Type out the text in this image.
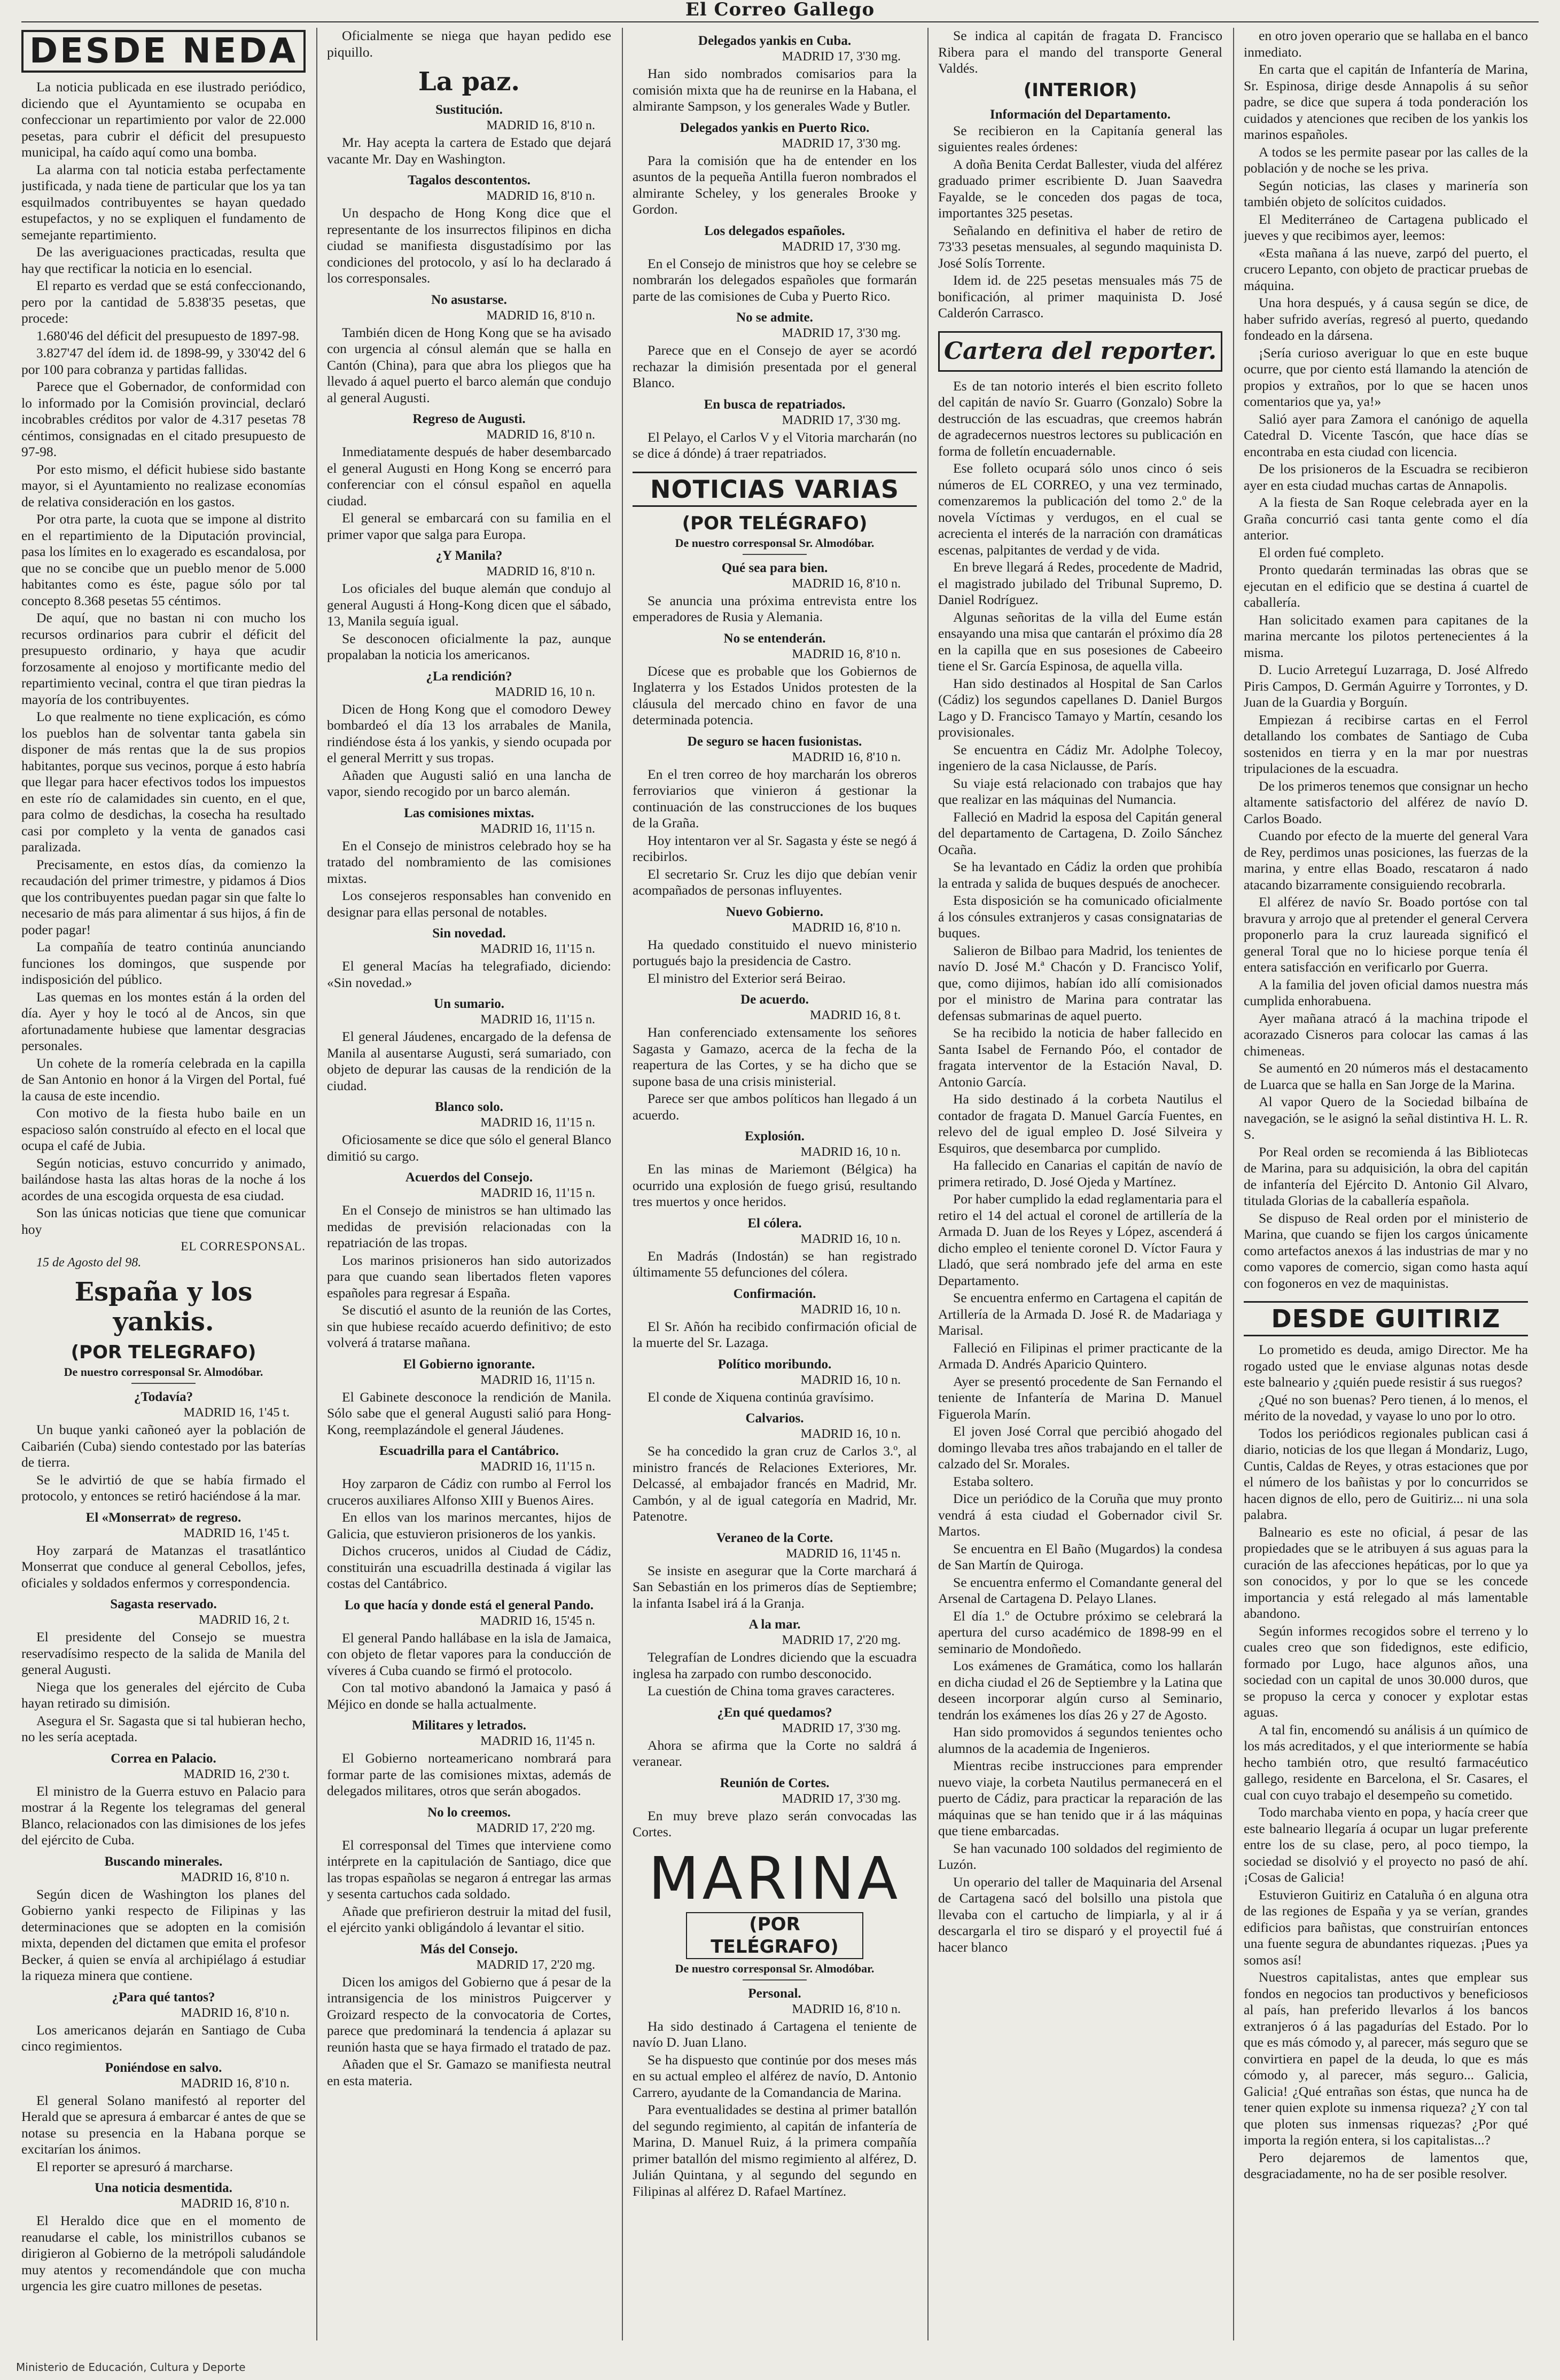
El Correo Gallego
DESDE NEDA

La noticia publicada en ese ilustrado periódico, diciendo que el Ayuntamiento se ocupaba en confeccionar un repartimiento por valor de 22.000 pesetas, para cubrir el déficit del presupuesto municipal, ha caído aquí como una bomba.

La alarma con tal noticia estaba perfectamente justificada, y nada tiene de particular que los ya tan esquilmados contribuyentes se hayan quedado estupefactos, y no se expliquen el fundamento de semejante repartimiento.

De las averiguaciones practicadas, resulta que hay que rectificar la noticia en lo esencial.

El reparto es verdad que se está confeccionando, pero por la cantidad de 5.838'35 pesetas, que procede:

1.680'46 del déficit del presupuesto de 1897-98.

3.827'47 del ídem id. de 1898-99, y 330'42 del 6 por 100 para cobranza y partidas fallidas.

Parece que el Gobernador, de conformidad con lo informado por la Comisión provincial, declaró incobrables créditos por valor de 4.317 pesetas 78 céntimos, consignadas en el citado presupuesto de 97-98.

Por esto mismo, el déficit hubiese sido bastante mayor, si el Ayuntamiento no realizase economías de relativa consideración en los gastos.

Por otra parte, la cuota que se impone al distrito en el repartimiento de la Diputación provincial, pasa los límites en lo exagerado es escandalosa, por que no se concibe que un pueblo menor de 5.000 habitantes como es éste, pague sólo por tal concepto 8.368 pesetas 55 céntimos.

De aquí, que no bastan ni con mucho los recursos ordinarios para cubrir el déficit del presupuesto ordinario, y haya que acudir forzosamente al enojoso y mortificante medio del repartimiento vecinal, contra el que tiran piedras la mayoría de los contribuyentes.

Lo que realmente no tiene explicación, es cómo los pueblos han de solventar tanta gabela sin disponer de más rentas que la de sus propios habitantes, porque sus vecinos, porque á esto habría que llegar para hacer efectivos todos los impuestos en este río de calamidades sin cuento, en el que, para colmo de desdichas, la cosecha ha resultado casi por completo y la venta de ganados casi paralizada.

Precisamente, en estos días, da comienzo la recaudación del primer trimestre, y pidamos á Dios que los contribuyentes puedan pagar sin que falte lo necesario de más para alimentar á sus hijos, á fin de poder pagar!

La compañía de teatro continúa anunciando funciones los domingos, que suspende por indisposición del público.

Las quemas en los montes están á la orden del día. Ayer y hoy le tocó al de Ancos, sin que afortunadamente hubiese que lamentar desgracias personales.

Un cohete de la romería celebrada en la capilla de San Antonio en honor á la Virgen del Portal, fué la causa de este incendio.

Con motivo de la fiesta hubo baile en un espacioso salón construído al efecto en el local que ocupa el café de Jubia.

Según noticias, estuvo concurrido y animado, bailándose hasta las altas horas de la noche á los acordes de una escogida orquesta de esa ciudad.

Son las únicas noticias que tiene que comunicar hoy

EL CORRESPONSAL.
15 de Agosto del 98.
España y los yankis.
(POR TELEGRAFO)
De nuestro corresponsal Sr. Almodóbar.
¿Todavía?
MADRID 16, 1'45 t.

Un buque yanki cañoneó ayer la población de Caibarién (Cuba) siendo contestado por las baterías de tierra.

Se le advirtió de que se había firmado el protocolo, y entonces se retiró haciéndose á la mar.

El «Monserrat» de regreso.
MADRID 16, 1'45 t.

Hoy zarpará de Matanzas el trasatlántico Monserrat que conduce al general Cebollos, jefes, oficiales y soldados enfermos y correspondencia.

Sagasta reservado.
MADRID 16, 2 t.

El presidente del Consejo se muestra reservadísimo respecto de la salida de Manila del general Augusti.

Niega que los generales del ejército de Cuba hayan retirado su dimisión.

Asegura el Sr. Sagasta que si tal hubieran hecho, no les sería aceptada.

Correa en Palacio.
MADRID 16, 2'30 t.

El ministro de la Guerra estuvo en Palacio para mostrar á la Regente los telegramas del general Blanco, relacionados con las dimisiones de los jefes del ejército de Cuba.

Buscando minerales.
MADRID 16, 8'10 n.

Según dicen de Washington los planes del Gobierno yanki respecto de Filipinas y las determinaciones que se adopten en la comisión mixta, dependen del dictamen que emita el profesor Becker, á quien se envía al archipiélago á estudiar la riqueza minera que contiene.

¿Para qué tantos?
MADRID 16, 8'10 n.

Los americanos dejarán en Santiago de Cuba cinco regimientos.

Poniéndose en salvo.
MADRID 16, 8'10 n.

El general Solano manifestó al reporter del Herald que se apresura á embarcar é antes de que se notase su presencia en la Habana porque se excitarían los ánimos.

El reporter se apresuró á marcharse.

Una noticia desmentida.
MADRID 16, 8'10 n.

El Heraldo dice que en el momento de reanudarse el cable, los ministrillos cubanos se dirigieron al Gobierno de la metrópoli saludándole muy atentos y recomendándole que con mucha urgencia les gire cuatro millones de pesetas.

Oficialmente se niega que hayan pedido ese piquillo.

La paz.
Sustitución.
MADRID 16, 8'10 n.

Mr. Hay acepta la cartera de Estado que dejará vacante Mr. Day en Washington.

Tagalos descontentos.
MADRID 16, 8'10 n.

Un despacho de Hong Kong dice que el representante de los insurrectos filipinos en dicha ciudad se manifiesta disgustadísimo por las condiciones del protocolo, y así lo ha declarado á los corresponsales.

No asustarse.
MADRID 16, 8'10 n.

También dicen de Hong Kong que se ha avisado con urgencia al cónsul alemán que se halla en Cantón (China), para que abra los pliegos que ha llevado á aquel puerto el barco alemán que condujo al general Augusti.

Regreso de Augusti.
MADRID 16, 8'10 n.

Inmediatamente después de haber desembarcado el general Augusti en Hong Kong se encerró para conferenciar con el cónsul español en aquella ciudad.

El general se embarcará con su familia en el primer vapor que salga para Europa.

¿Y Manila?
MADRID 16, 8'10 n.

Los oficiales del buque alemán que condujo al general Augusti á Hong-Kong dicen que el sábado, 13, Manila seguía igual.

Se desconocen oficialmente la paz, aunque propalaban la noticia los americanos.

¿La rendición?
MADRID 16, 10 n.

Dicen de Hong Kong que el comodoro Dewey bombardeó el día 13 los arrabales de Manila, rindiéndose ésta á los yankis, y siendo ocupada por el general Merritt y sus tropas.

Añaden que Augusti salió en una lancha de vapor, siendo recogido por un barco alemán.

Las comisiones mixtas.
MADRID 16, 11'15 n.

En el Consejo de ministros celebrado hoy se ha tratado del nombramiento de las comisiones mixtas.

Los consejeros responsables han convenido en designar para ellas personal de notables.

Sin novedad.
MADRID 16, 11'15 n.

El general Macías ha telegrafiado, diciendo: «Sin novedad.»

Un sumario.
MADRID 16, 11'15 n.

El general Jáudenes, encargado de la defensa de Manila al ausentarse Augusti, será sumariado, con objeto de depurar las causas de la rendición de la ciudad.

Blanco solo.
MADRID 16, 11'15 n.

Oficiosamente se dice que sólo el general Blanco dimitió su cargo.

Acuerdos del Consejo.
MADRID 16, 11'15 n.

En el Consejo de ministros se han ultimado las medidas de previsión relacionadas con la repatriación de las tropas.

Los marinos prisioneros han sido autorizados para que cuando sean libertados fleten vapores españoles para regresar á España.

Se discutió el asunto de la reunión de las Cortes, sin que hubiese recaído acuerdo definitivo; de esto volverá á tratarse mañana.

El Gobierno ignorante.
MADRID 16, 11'15 n.

El Gabinete desconoce la rendición de Manila. Sólo sabe que el general Augusti salió para Hong-Kong, reemplazándole el general Jáudenes.

Escuadrilla para el Cantábrico.
MADRID 16, 11'15 n.

Hoy zarparon de Cádiz con rumbo al Ferrol los cruceros auxiliares Alfonso XIII y Buenos Aires.

En ellos van los marinos mercantes, hijos de Galicia, que estuvieron prisioneros de los yankis.

Dichos cruceros, unidos al Ciudad de Cádiz, constituirán una escuadrilla destinada á vigilar las costas del Cantábrico.

Lo que hacía y donde está el general Pando.
MADRID 16, 15'45 n.

El general Pando hallábase en la isla de Jamaica, con objeto de fletar vapores para la conducción de víveres á Cuba cuando se firmó el protocolo.

Con tal motivo abandonó la Jamaica y pasó á Méjico en donde se halla actualmente.

Militares y letrados.
MADRID 16, 11'45 n.

El Gobierno norteamericano nombrará para formar parte de las comisiones mixtas, además de delegados militares, otros que serán abogados.

No lo creemos.
MADRID 17, 2'20 mg.

El corresponsal del Times que interviene como intérprete en la capitulación de Santiago, dice que las tropas españolas se negaron á entregar las armas y sesenta cartuchos cada soldado.

Añade que prefirieron destruir la mitad del fusil, el ejército yanki obligándolo á levantar el sitio.

Más del Consejo.
MADRID 17, 2'20 mg.

Dicen los amigos del Gobierno que á pesar de la intransigencia de los ministros Puigcerver y Groizard respecto de la convocatoria de Cortes, parece que predominará la tendencia á aplazar su reunión hasta que se haya firmado el tratado de paz.

Añaden que el Sr. Gamazo se manifiesta neutral en esta materia.

Delegados yankis en Cuba.
MADRID 17, 3'30 mg.

Han sido nombrados comisarios para la comisión mixta que ha de reunirse en la Habana, el almirante Sampson, y los generales Wade y Butler.

Delegados yankis en Puerto Rico.
MADRID 17, 3'30 mg.

Para la comisión que ha de entender en los asuntos de la pequeña Antilla fueron nombrados el almirante Scheley, y los generales Brooke y Gordon.

Los delegados españoles.
MADRID 17, 3'30 mg.

En el Consejo de ministros que hoy se celebre se nombrarán los delegados españoles que formarán parte de las comisiones de Cuba y Puerto Rico.

No se admite.
MADRID 17, 3'30 mg.

Parece que en el Consejo de ayer se acordó rechazar la dimisión presentada por el general Blanco.

En busca de repatriados.
MADRID 17, 3'30 mg.

El Pelayo, el Carlos V y el Vitoria marcharán (no se dice á dónde) á traer repatriados.

NOTICIAS VARIAS
(POR TELÉGRAFO)
De nuestro corresponsal Sr. Almodóbar.
Qué sea para bien.
MADRID 16, 8'10 n.

Se anuncia una próxima entrevista entre los emperadores de Rusia y Alemania.

No se entenderán.
MADRID 16, 8'10 n.

Dícese que es probable que los Gobiernos de Inglaterra y los Estados Unidos protesten de la cláusula del mercado chino en favor de una determinada potencia.

De seguro se hacen fusionistas.
MADRID 16, 8'10 n.

En el tren correo de hoy marcharán los obreros ferroviarios que vinieron á gestionar la continuación de las construcciones de los buques de la Graña.

Hoy intentaron ver al Sr. Sagasta y éste se negó á recibirlos.

El secretario Sr. Cruz les dijo que debían venir acompañados de personas influyentes.

Nuevo Gobierno.
MADRID 16, 8'10 n.

Ha quedado constituido el nuevo ministerio portugués bajo la presidencia de Castro.

El ministro del Exterior será Beirao.

De acuerdo.
MADRID 16, 8 t.

Han conferenciado extensamente los señores Sagasta y Gamazo, acerca de la fecha de la reapertura de las Cortes, y se ha dicho que se supone basa de una crisis ministerial.

Parece ser que ambos políticos han llegado á un acuerdo.

Explosión.
MADRID 16, 10 n.

En las minas de Mariemont (Bélgica) ha ocurrido una explosión de fuego grisú, resultando tres muertos y once heridos.

El cólera.
MADRID 16, 10 n.

En Madrás (Indostán) se han registrado últimamente 55 defunciones del cólera.

Confirmación.
MADRID 16, 10 n.

El Sr. Añón ha recibido confirmación oficial de la muerte del Sr. Lazaga.

Político moribundo.
MADRID 16, 10 n.

El conde de Xiquena continúa gravísimo.

Calvarios.
MADRID 16, 10 n.

Se ha concedido la gran cruz de Carlos 3.º, al ministro francés de Relaciones Exteriores, Mr. Delcassé, al embajador francés en Madrid, Mr. Cambón, y al de igual categoría en Madrid, Mr. Patenotre.

Veraneo de la Corte.
MADRID 16, 11'45 n.

Se insiste en asegurar que la Corte marchará á San Sebastián en los primeros días de Septiembre; la infanta Isabel irá á la Granja.

A la mar.
MADRID 17, 2'20 mg.

Telegrafían de Londres diciendo que la escuadra inglesa ha zarpado con rumbo desconocido.

La cuestión de China toma graves caracteres.

¿En qué quedamos?
MADRID 17, 3'30 mg.

Ahora se afirma que la Corte no saldrá á veranear.

Reunión de Cortes.
MADRID 17, 3'30 mg.

En muy breve plazo serán convocadas las Cortes.

MARINA
(POR TELÉGRAFO)
De nuestro corresponsal Sr. Almodóbar.
Personal.
MADRID 16, 8'10 n.

Ha sido destinado á Cartagena el teniente de navío D. Juan Llano.

Se ha dispuesto que continúe por dos meses más en su actual empleo el alférez de navío, D. Antonio Carrero, ayudante de la Comandancia de Marina.

Para eventualidades se destina al primer batallón del segundo regimiento, al capitán de infantería de Marina, D. Manuel Ruiz, á la primera compañía primer batallón del mismo regimiento al alférez, D. Julián Quintana, y al segundo del segundo en Filipinas al alférez D. Rafael Martínez.

Se indica al capitán de fragata D. Francisco Ribera para el mando del transporte General Valdés.

(INTERIOR)
Información del Departamento.

Se recibieron en la Capitanía general las siguientes reales órdenes:

A doña Benita Cerdat Ballester, viuda del alférez graduado primer escribiente D. Juan Saavedra Fayalde, se le conceden dos pagas de toca, importantes 325 pesetas.

Señalando en definitiva el haber de retiro de 73'33 pesetas mensuales, al segundo maquinista D. José Solís Torrente.

Idem id. de 225 pesetas mensuales más 75 de bonificación, al primer maquinista D. José Calderón Carrasco.

Cartera del reporter.

Es de tan notorio interés el bien escrito folleto del capitán de navío Sr. Guarro (Gonzalo) Sobre la destrucción de las escuadras, que creemos habrán de agradecernos nuestros lectores su publicación en forma de folletín encuadernable.

Ese folleto ocupará sólo unos cinco ó seis números de EL CORREO, y una vez terminado, comenzaremos la publicación del tomo 2.º de la novela Víctimas y verdugos, en el cual se acrecienta el interés de la narración con dramáticas escenas, palpitantes de verdad y de vida.

En breve llegará á Redes, procedente de Madrid, el magistrado jubilado del Tribunal Supremo, D. Daniel Rodríguez.

Algunas señoritas de la villa del Eume están ensayando una misa que cantarán el próximo día 28 en la capilla que en sus posesiones de Cabeeiro tiene el Sr. García Espinosa, de aquella villa.

Han sido destinados al Hospital de San Carlos (Cádiz) los segundos capellanes D. Daniel Burgos Lago y D. Francisco Tamayo y Martín, cesando los provisionales.

Se encuentra en Cádiz Mr. Adolphe Tolecoy, ingeniero de la casa Niclausse, de París.

Su viaje está relacionado con trabajos que hay que realizar en las máquinas del Numancia.

Falleció en Madrid la esposa del Capitán general del departamento de Cartagena, D. Zoilo Sánchez Ocaña.

Se ha levantado en Cádiz la orden que prohibía la entrada y salida de buques después de anochecer.

Esta disposición se ha comunicado oficialmente á los cónsules extranjeros y casas consignatarias de buques.

Salieron de Bilbao para Madrid, los tenientes de navío D. José M.ª Chacón y D. Francisco Yolif, que, como dijimos, habían ido allí comisionados por el ministro de Marina para contratar las defensas submarinas de aquel puerto.

Se ha recibido la noticia de haber fallecido en Santa Isabel de Fernando Póo, el contador de fragata interventor de la Estación Naval, D. Antonio García.

Ha sido destinado á la corbeta Nautilus el contador de fragata D. Manuel García Fuentes, en relevo del de igual empleo D. José Silveira y Esquiros, que desembarca por cumplido.

Ha fallecido en Canarias el capitán de navío de primera retirado, D. José Ojeda y Martínez.

Por haber cumplido la edad reglamentaria para el retiro el 14 del actual el coronel de artillería de la Armada D. Juan de los Reyes y López, ascenderá á dicho empleo el teniente coronel D. Víctor Faura y Lladó, que será nombrado jefe del arma en este Departamento.

Se encuentra enfermo en Cartagena el capitán de Artillería de la Armada D. José R. de Madariaga y Marisal.

Falleció en Filipinas el primer practicante de la Armada D. Andrés Aparicio Quintero.

Ayer se presentó procedente de San Fernando el teniente de Infantería de Marina D. Manuel Figuerola Marín.

El joven José Corral que percibió ahogado del domingo llevaba tres años trabajando en el taller de calzado del Sr. Morales.

Estaba soltero.

Dice un periódico de la Coruña que muy pronto vendrá á esta ciudad el Gobernador civil Sr. Martos.

Se encuentra en El Baño (Mugardos) la condesa de San Martín de Quiroga.

Se encuentra enfermo el Comandante general del Arsenal de Cartagena D. Pelayo Llanes.

El día 1.º de Octubre próximo se celebrará la apertura del curso académico de 1898-99 en el seminario de Mondoñedo.

Los exámenes de Gramática, como los hallarán en dicha ciudad el 26 de Septiembre y la Latina que deseen incorporar algún curso al Seminario, tendrán los exámenes los días 26 y 27 de Agosto.

Han sido promovidos á segundos tenientes ocho alumnos de la academia de Ingenieros.

Mientras recibe instrucciones para emprender nuevo viaje, la corbeta Nautilus permanecerá en el puerto de Cádiz, para practicar la reparación de las máquinas que se han tenido que ir á las máquinas que tiene embarcadas.

Se han vacunado 100 soldados del regimiento de Luzón.

Un operario del taller de Maquinaria del Arsenal de Cartagena sacó del bolsillo una pistola que llevaba con el cartucho de limpiarla, y al ir á descargarla el tiro se disparó y el proyectil fué á hacer blanco

en otro joven operario que se hallaba en el banco inmediato.

En carta que el capitán de Infantería de Marina, Sr. Espinosa, dirige desde Annapolis á su señor padre, se dice que supera á toda ponderación los cuidados y atenciones que reciben de los yankis los marinos españoles.

A todos se les permite pasear por las calles de la población y de noche se les priva.

Según noticias, las clases y marinería son también objeto de solícitos cuidados.

El Mediterráneo de Cartagena publicado el jueves y que recibimos ayer, leemos:

«Esta mañana á las nueve, zarpó del puerto, el crucero Lepanto, con objeto de practicar pruebas de máquina.

Una hora después, y á causa según se dice, de haber sufrido averías, regresó al puerto, quedando fondeado en la dársena.

¡Sería curioso averiguar lo que en este buque ocurre, que por ciento está llamando la atención de propios y extraños, por lo que se hacen unos comentarios que ya, ya!»

Salió ayer para Zamora el canónigo de aquella Catedral D. Vicente Tascón, que hace días se encontraba en esta ciudad con licencia.

De los prisioneros de la Escuadra se recibieron ayer en esta ciudad muchas cartas de Annapolis.

A la fiesta de San Roque celebrada ayer en la Graña concurrió casi tanta gente como el día anterior.

El orden fué completo.

Pronto quedarán terminadas las obras que se ejecutan en el edificio que se destina á cuartel de caballería.

Han solicitado examen para capitanes de la marina mercante los pilotos pertenecientes á la misma.

D. Lucio Arreteguí Luzarraga, D. José Alfredo Piris Campos, D. Germán Aguirre y Torrontes, y D. Juan de la Guardia y Borguín.

Empiezan á recibirse cartas en el Ferrol detallando los combates de Santiago de Cuba sostenidos en tierra y en la mar por nuestras tripulaciones de la escuadra.

De los primeros tenemos que consignar un hecho altamente satisfactorio del alférez de navío D. Carlos Boado.

Cuando por efecto de la muerte del general Vara de Rey, perdimos unas posiciones, las fuerzas de la marina, y entre ellas Boado, rescataron á nado atacando bizarramente consiguiendo recobrarla.

El alférez de navío Sr. Boado portóse con tal bravura y arrojo que al pretender el general Cervera proponerlo para la cruz laureada significó el general Toral que no lo hiciese porque tenía él entera satisfacción en verificarlo por Guerra.

A la familia del joven oficial damos nuestra más cumplida enhorabuena.

Ayer mañana atracó á la machina tripode el acorazado Cisneros para colocar las camas á las chimeneas.

Se aumentó en 20 números más el destacamento de Luarca que se halla en San Jorge de la Marina.

Al vapor Quero de la Sociedad bilbaína de navegación, se le asignó la señal distintiva H. L. R. S.

Por Real orden se recomienda á las Bibliotecas de Marina, para su adquisición, la obra del capitán de infantería del Ejército D. Antonio Gil Alvaro, titulada Glorias de la caballería española.

Se dispuso de Real orden por el ministerio de Marina, que cuando se fijen los cargos únicamente como artefactos anexos á las industrias de mar y no como vapores de comercio, sigan como hasta aquí con fogoneros en vez de maquinistas.

DESDE GUITIRIZ

Lo prometido es deuda, amigo Director. Me ha rogado usted que le enviase algunas notas desde este balneario y ¿quién puede resistir á sus ruegos?

¿Qué no son buenas? Pero tienen, á lo menos, el mérito de la novedad, y vayase lo uno por lo otro.

Todos los periódicos regionales publican casi á diario, noticias de los que llegan á Mondariz, Lugo, Cuntis, Caldas de Reyes, y otras estaciones que por el número de los bañistas y por lo concurridos se hacen dignos de ello, pero de Guitiriz... ni una sola palabra.

Balneario es este no oficial, á pesar de las propiedades que se le atribuyen á sus aguas para la curación de las afecciones hepáticas, por lo que ya son conocidos, y por lo que se les concede importancia y está relegado al más lamentable abandono.

Según informes recogidos sobre el terreno y lo cuales creo que son fidedignos, este edificio, formado por Lugo, hace algunos años, una sociedad con un capital de unos 30.000 duros, que se propuso la cerca y conocer y explotar estas aguas.

A tal fin, encomendó su análisis á un químico de los más acreditados, y el que interiormente se había hecho también otro, que resultó farmacéutico gallego, residente en Barcelona, el Sr. Casares, el cual con cuyo trabajo el desempeño su cometido.

Todo marchaba viento en popa, y hacía creer que este balneario llegaría á ocupar un lugar preferente entre los de su clase, pero, al poco tiempo, la sociedad se disolvió y el proyecto no pasó de ahí. ¡Cosas de Galicia!

Estuvieron Guitiriz en Cataluña ó en alguna otra de las regiones de España y ya se verían, grandes edificios para bañistas, que construirían entonces una fuente segura de abundantes riquezas. ¡Pues ya somos así!

Nuestros capitalistas, antes que emplear sus fondos en negocios tan productivos y beneficiosos al país, han preferido llevarlos á los bancos extranjeros ó á las pagadurías del Estado. Por lo que es más cómodo y, al parecer, más seguro que se convirtiera en papel de la deuda, lo que es más cómodo y, al parecer, más seguro... Galicia, Galicia! ¿Qué entrañas son éstas, que nunca ha de tener quien explote su inmensa riqueza? ¿Y con tal que ploten sus inmensas riquezas? ¿Por qué importa la región entera, si los capitalistas...?

Pero dejaremos de lamentos que, desgraciadamente, no ha de ser posible resolver.

Ministerio de Educación, Cultura y Deporte
